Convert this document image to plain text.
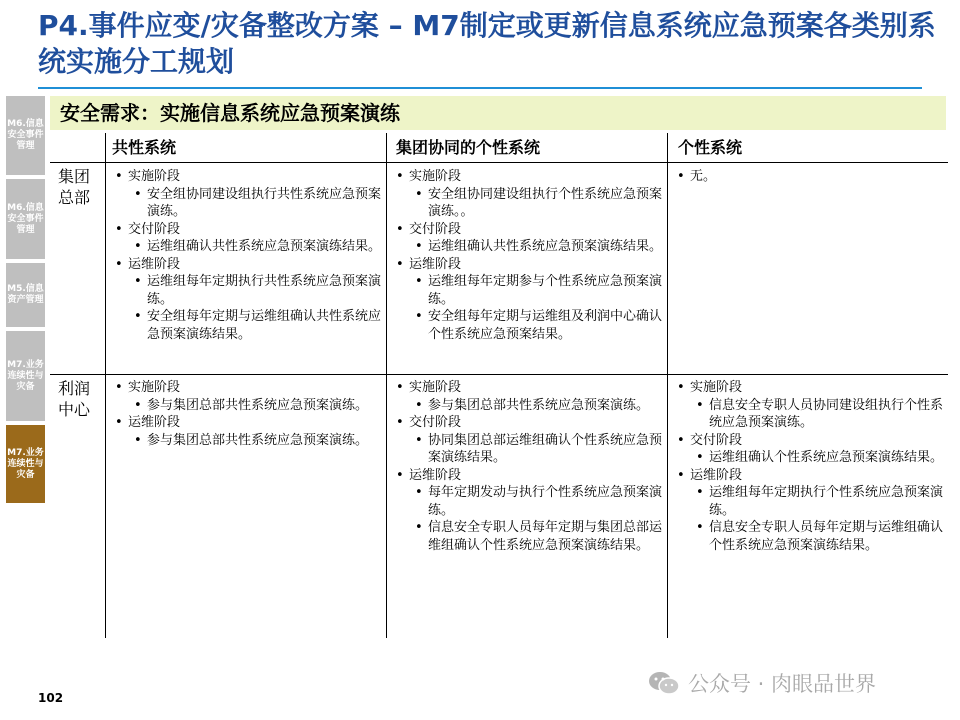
P4.事件应变/灾备整改方案 – M7制定或更新信息系统应急预案各类别系统实施分工规划
M6.信息安全事件管理
M6.信息安全事件管理
M5.信息资产管理
M7.业务连续性与灾备
M7.业务连续性与灾备
安全需求：实施信息系统应急预案演练
共性系统	集团协同的个性系统	个性系统
集团总部
利润中心
• 实施阶段
• 安全组协同建设组执行共性系统应急预案演练。
• 交付阶段
• 运维组确认共性系统应急预案演练结果。
• 运维阶段
• 运维组每年定期执行共性系统应急预案演练。
• 安全组每年定期与运维组确认共性系统应急预案演练结果。
• 实施阶段
• 安全组协同建设组执行个性系统应急预案演练。。
• 交付阶段
• 运维组确认共性系统应急预案演练结果。
• 运维阶段
• 运维组每年定期参与个性系统应急预案演练。
• 安全组每年定期与运维组及利润中心确认个性系统应急预案结果。
• 无。
• 实施阶段
• 参与集团总部共性系统应急预案演练。
• 运维阶段
• 参与集团总部共性系统应急预案演练。
• 实施阶段
• 参与集团总部共性系统应急预案演练。
• 交付阶段
• 协同集团总部运维组确认个性系统应急预案演练结果。
• 运维阶段
• 每年定期发动与执行个性系统应急预案演练。
• 信息安全专职人员每年定期与集团总部运维组确认个性系统应急预案演练结果。
• 实施阶段
• 信息安全专职人员协同建设组执行个性系统应急预案演练。
• 交付阶段
• 运维组确认个性系统应急预案演练结果。
• 运维阶段
• 运维组每年定期执行个性系统应急预案演练。
• 信息安全专职人员每年定期与运维组确认个性系统应急预案演练结果。
102
公众号 · 肉眼品世界
